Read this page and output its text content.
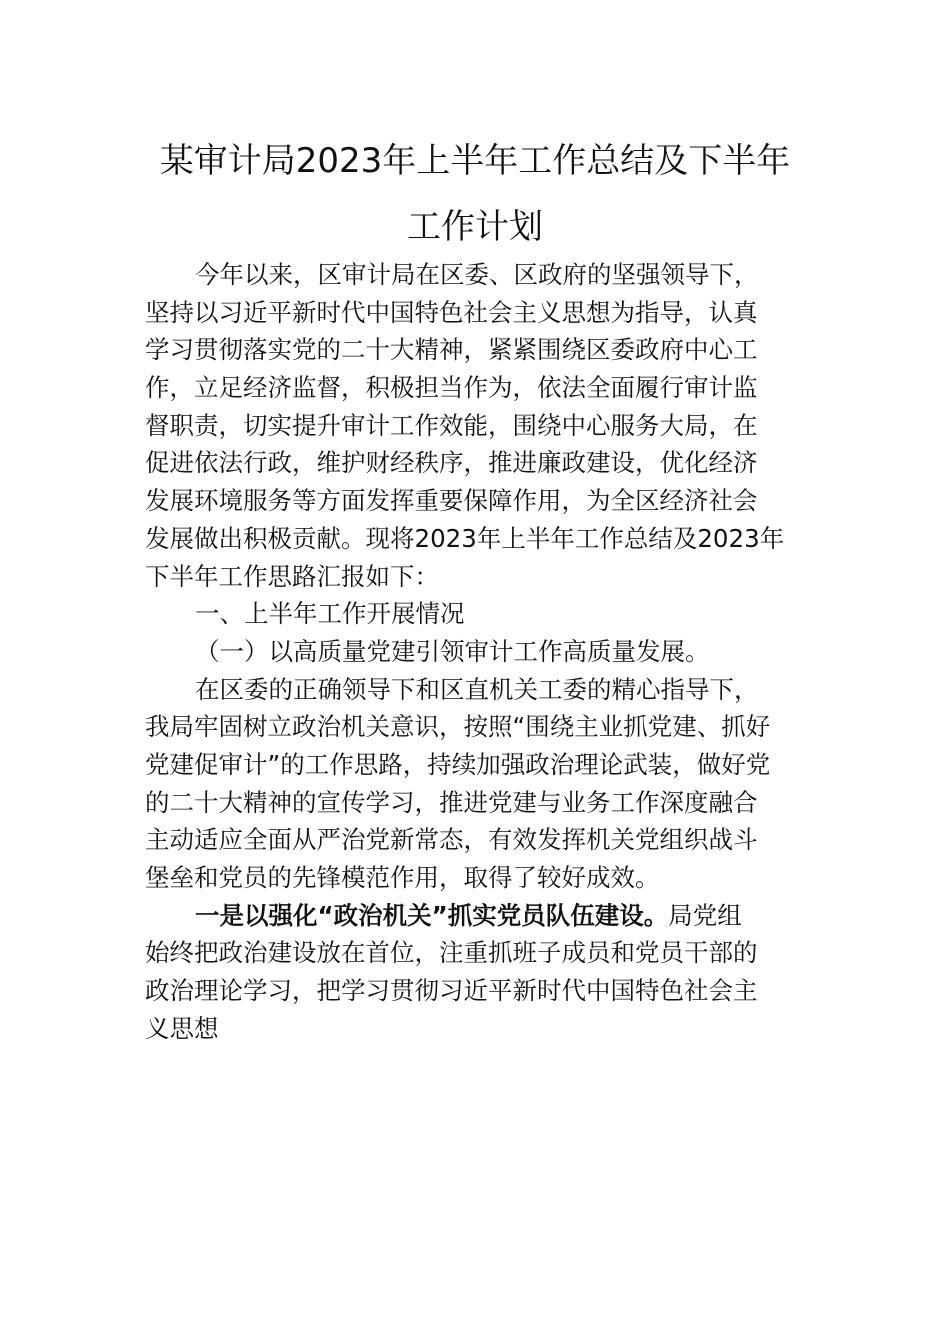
某审计局2023年上半年工作总结及下半年
工作计划
今年以来，区审计局在区委、区政府的坚强领导下，
坚持以习近平新时代中国特色社会主义思想为指导，认真
学习贯彻落实党的二十大精神，紧紧围绕区委政府中心工
作，立足经济监督，积极担当作为，依法全面履行审计监
督职责，切实提升审计工作效能，围绕中心服务大局，在
促进依法行政，维护财经秩序，推进廉政建设，优化经济
发展环境服务等方面发挥重要保障作用，为全区经济社会
发展做出积极贡献。现将2023年上半年工作总结及2023年
下半年工作思路汇报如下：
一、上半年工作开展情况
（一）以高质量党建引领审计工作高质量发展。
在区委的正确领导下和区直机关工委的精心指导下，
我局牢固树立政治机关意识，按照“围绕主业抓党建、抓好
党建促审计”的工作思路，持续加强政治理论武装，做好党
的二十大精神的宣传学习，推进党建与业务工作深度融合
主动适应全面从严治党新常态，有效发挥机关党组织战斗
堡垒和党员的先锋模范作用，取得了较好成效。
一是以强化“政治机关”抓实党员队伍建设。局党组
始终把政治建设放在首位，注重抓班子成员和党员干部的
政治理论学习，把学习贯彻习近平新时代中国特色社会主
义思想
